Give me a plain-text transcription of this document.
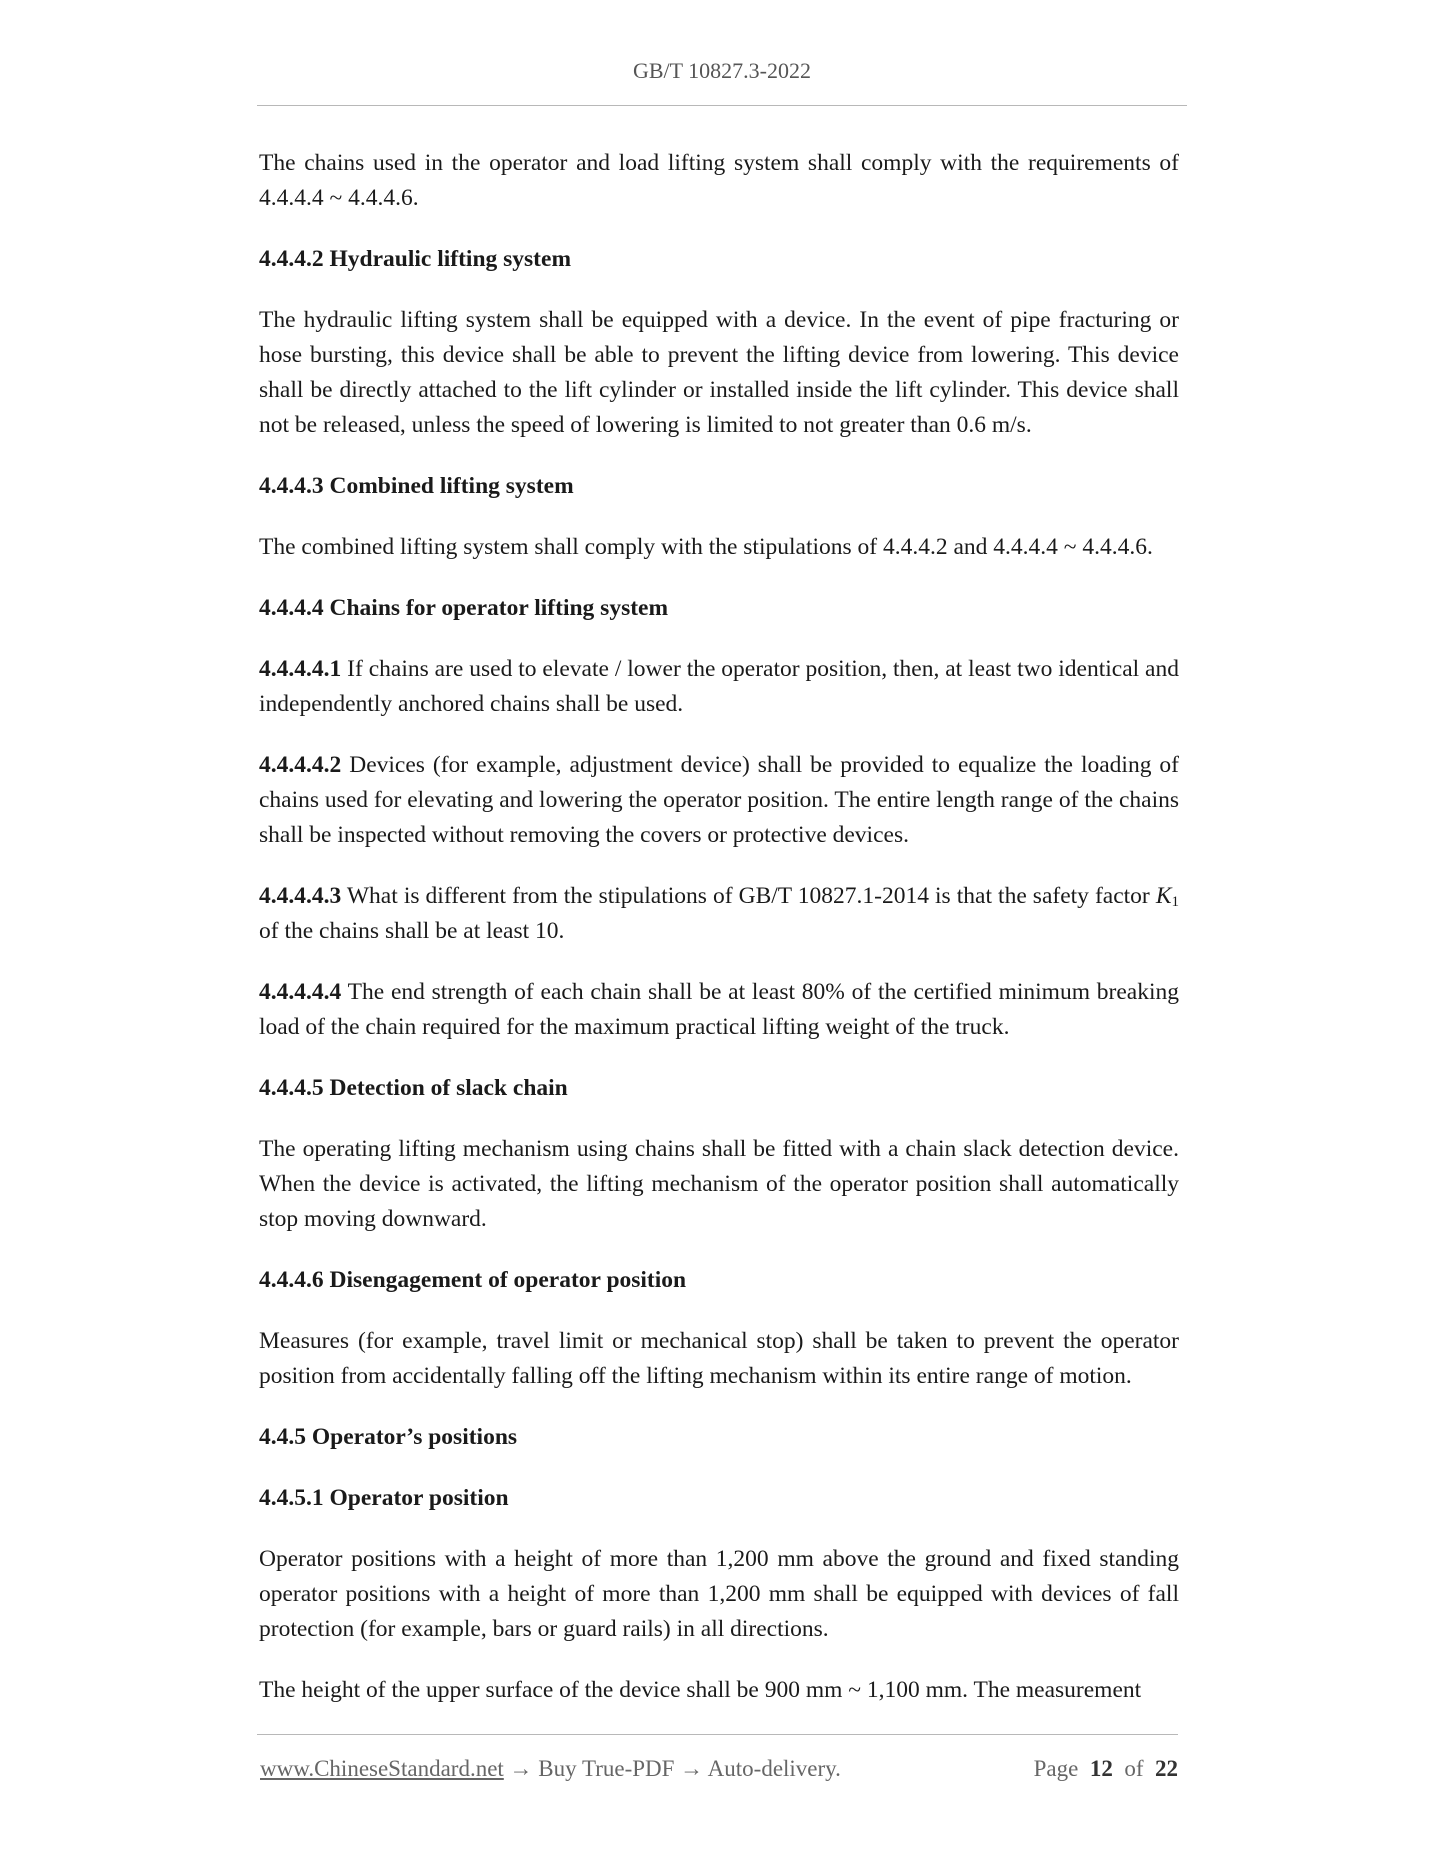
GB/T 10827.3-2022

The chains used in the operator and load lifting system shall comply with the requirements of 4.4.4.4 ~ 4.4.4.6.

4.4.4.2 Hydraulic lifting system

The hydraulic lifting system shall be equipped with a device. In the event of pipe fracturing or hose bursting, this device shall be able to prevent the lifting device from lowering. This device shall be directly attached to the lift cylinder or installed inside the lift cylinder. This device shall not be released, unless the speed of lowering is limited to not greater than 0.6 m/s.

4.4.4.3 Combined lifting system

The combined lifting system shall comply with the stipulations of 4.4.4.2 and 4.4.4.4 ~ 4.4.4.6.

4.4.4.4 Chains for operator lifting system

4.4.4.4.1 If chains are used to elevate / lower the operator position, then, at least two identical and independently anchored chains shall be used.

4.4.4.4.2 Devices (for example, adjustment device) shall be provided to equalize the loading of chains used for elevating and lowering the operator position. The entire length range of the chains shall be inspected without removing the covers or protective devices.

4.4.4.4.3 What is different from the stipulations of GB/T 10827.1-2014 is that the safety factor $K_1$ of the chains shall be at least 10.

4.4.4.4.4 The end strength of each chain shall be at least 80% of the certified minimum breaking load of the chain required for the maximum practical lifting weight of the truck.

4.4.4.5 Detection of slack chain

The operating lifting mechanism using chains shall be fitted with a chain slack detection device. When the device is activated, the lifting mechanism of the operator position shall automatically stop moving downward.

4.4.4.6 Disengagement of operator position

Measures (for example, travel limit or mechanical stop) shall be taken to prevent the operator position from accidentally falling off the lifting mechanism within its entire range of motion.

4.4.5 Operator’s positions

4.4.5.1 Operator position

Operator positions with a height of more than 1,200 mm above the ground and fixed standing operator positions with a height of more than 1,200 mm shall be equipped with devices of fall protection (for example, bars or guard rails) in all directions.

The height of the upper surface of the device shall be 900 mm ~ 1,100 mm. The measurement

www.ChineseStandard.net → Buy True-PDF → Auto-delivery.	Page 12 of 22
